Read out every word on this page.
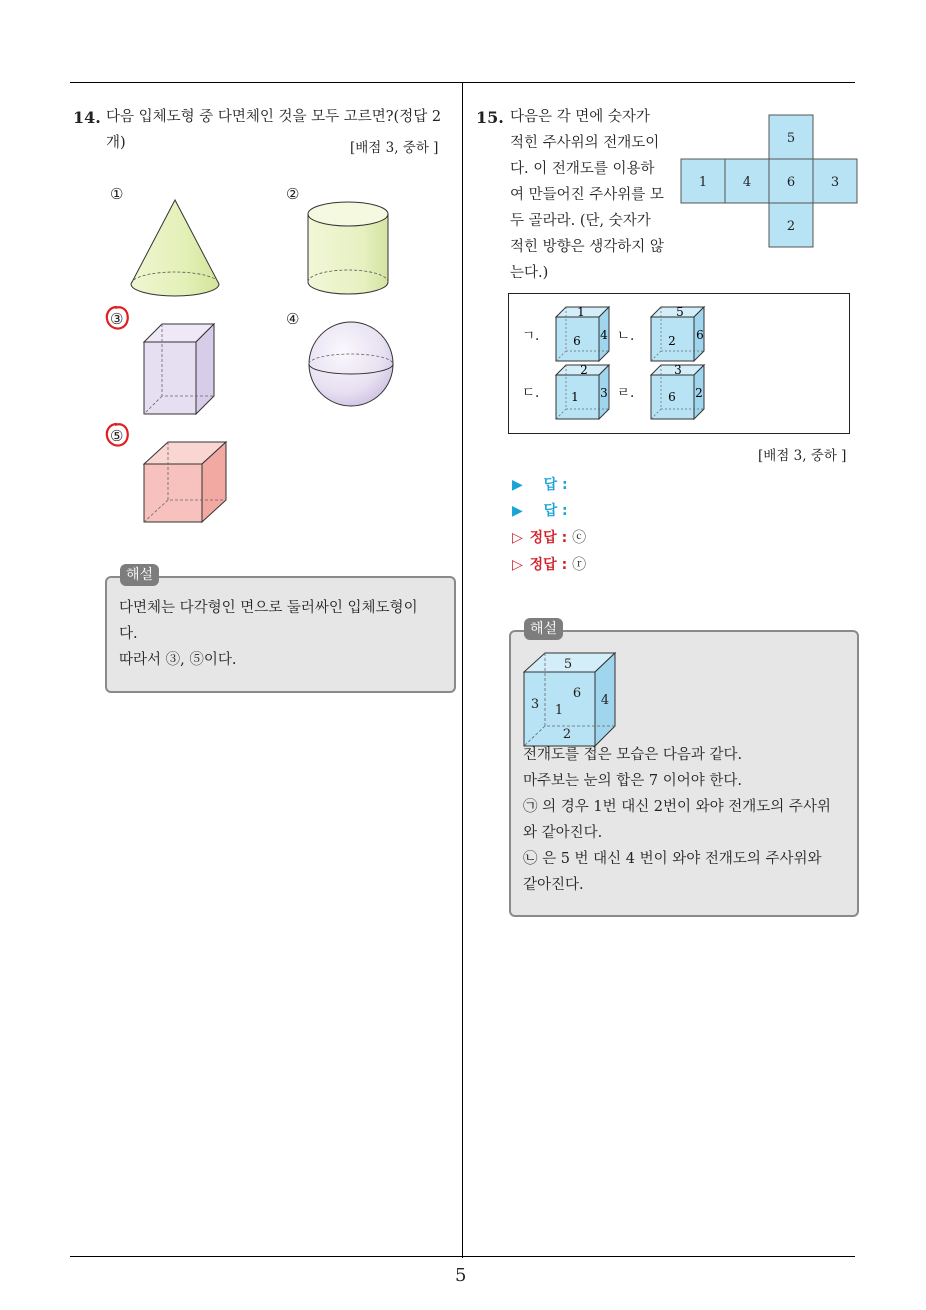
5
14. 다음 입체도형 중 다면체인 것을 모두 고르면?(정답 2
개)	[배점 3, 중하 ]
①	②
③	④
⑤
다면체는 다각형인 면으로 둘러싸인 입체도형이
다.
따라서 ③, ⑤이다.
해설
15. 다음은 각 면에 숫자가
적힌 주사위의 전개도이
다. 이 전개도를 이용하
여 만들어진 주사위를 모
두 골라라. (단, 숫자가
적힌 방향은 생각하지 않
는다.)
5
1	4	6	3
2
ㄱ.	ㄴ.
ㄷ.	ㄹ.
1
6 4
5
2 6
2
1 3
3
6 2
[배점 3, 중하 ]
▶ 답 :
▶ 답 :
▷ 정답 : ⓒ
▷ 정답 : ⓡ
5
6 4
3 1
2
전개도를 접은 모습은 다음과 같다.
마주보는 눈의 합은 7 이어야 한다.
㉠ 의 경우 1번 대신 2번이 와야 전개도의 주사위
와 같아진다.
㉡ 은 5 번 대신 4 번이 와야 전개도의 주사위와
같아진다.
해설
